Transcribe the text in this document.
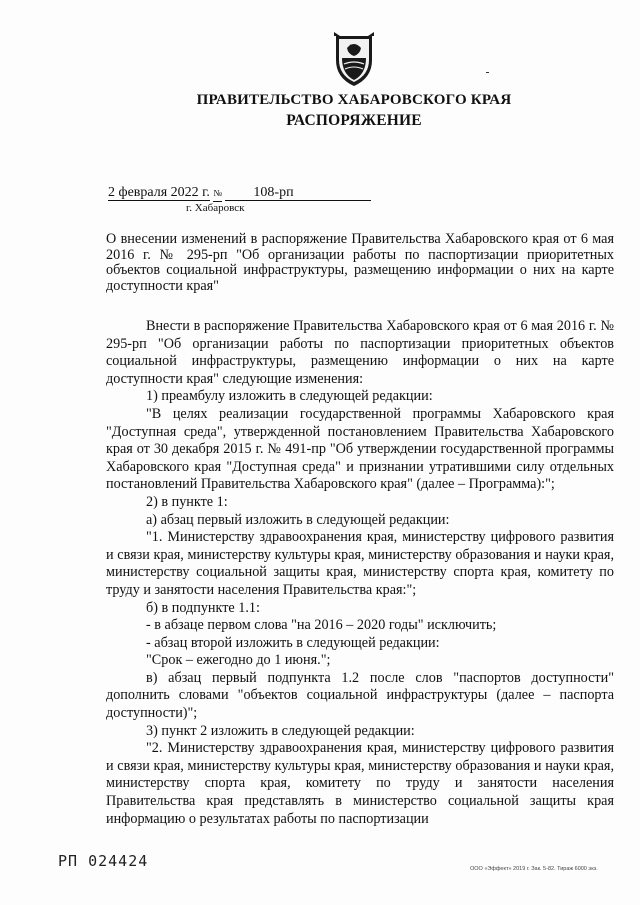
ПРАВИТЕЛЬСТВО ХАБАРОВСКОГО КРАЯ
РАСПОРЯЖЕНИЕ
2 февраля 2022 г. № 108-рп
г. Хабаровск
О внесении изменений в распоряжение Правительства Хабаровского края от 6 мая 2016 г. № 295-рп "Об организации работы по паспортизации приоритетных объектов социальной инфраструктуры, размещению информации о них на карте доступности края"

Внести в распоряжение Правительства Хабаровского края от 6 мая 2016 г. № 295-рп "Об организации работы по паспортизации приоритетных объектов социальной инфраструктуры, размещению информации о них на карте доступности края" следующие изменения:

1) преамбулу изложить в следующей редакции:

"В целях реализации государственной программы Хабаровского края "Доступная среда", утвержденной постановлением Правительства Хабаровского края от 30 декабря 2015 г. № 491-пр "Об утверждении государственной программы Хабаровского края "Доступная среда" и признании утратившими силу отдельных постановлений Правительства Хабаровского края" (далее – Программа):";

2) в пункте 1:

а) абзац первый изложить в следующей редакции:

"1. Министерству здравоохранения края, министерству цифрового развития и связи края, министерству культуры края, министерству образования и науки края, министерству социальной защиты края, министерству спорта края, комитету по труду и занятости населения Правительства края:";

б) в подпункте 1.1:

- в абзаце первом слова "на 2016 – 2020 годы" исключить;

- абзац второй изложить в следующей редакции:

"Срок – ежегодно до 1 июня.";

в) абзац первый подпункта 1.2 после слов "паспортов доступности" дополнить словами "объектов социальной инфраструктуры (далее – паспорта доступности)";

3) пункт 2 изложить в следующей редакции:

"2. Министерству здравоохранения края, министерству цифрового развития и связи края, министерству культуры края, министерству образования и науки края, министерству спорта края, комитету по труду и занятости населения Правительства края представлять в министерство социальной защиты края информацию о результатах работы по паспортизации

РП 024424	ООО «Эффект» 2019 г. Зак. 5-82. Тираж 6000 экз.
